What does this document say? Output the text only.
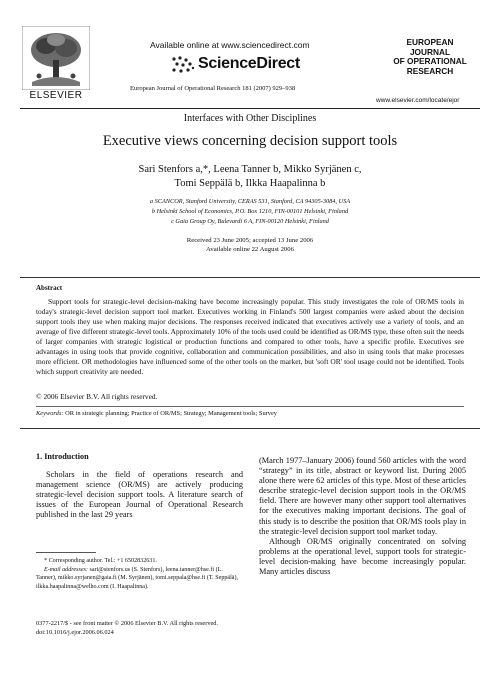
ELSEVIER
Available online at www.sciencedirect.com
ScienceDirect
European Journal of Operational Research 181 (2007) 929–938
EUROPEAN
JOURNAL
OF OPERATIONAL
RESEARCH
www.elsevier.com/locate/ejor
Interfaces with Other Disciplines
Executive views concerning decision support tools
Sari Stenfors a,*, Leena Tanner b, Mikko Syrjänen c,
Tomi Seppälä b, Ilkka Haapalinna b
a SCANCOR, Stanford University, CERAS 531, Stanford, CA 94305-3084, USA
b Helsinki School of Economics, P.O. Box 1210, FIN-00101 Helsinki, Finland
c Gaia Group Oy, Bulevardi 6 A, FIN-00120 Helsinki, Finland
Received 23 June 2005; accepted 13 June 2006
Available online 22 August 2006
Abstract
Support tools for strategic-level decision-making have become increasingly popular. This study investigates the role of OR/MS tools in today's strategic-level decision support tool market. Executives working in Finland's 500 largest companies were asked about the decision support tools they use when making major decisions. The responses received indicated that executives actively use a variety of tools, and an average of five different strategic-level tools. Approximately 10% of the tools used could be identified as OR/MS type, these often suit the needs of larger companies with strategic logistical or production functions and compared to other tools, have a specific profile. Executives see advantages in using tools that provide cognitive, collaboration and communication possibilities, and also in using tools that make processes more efficient. OR methodologies have influenced some of the other tools on the market, but 'soft OR' tool usage could not be identified. Tools which support creativity are needed.
© 2006 Elsevier B.V. All rights reserved.
Keywords: OR in strategic planning; Practice of OR/MS; Strategy; Management tools; Survey
1. Introduction
Scholars in the field of operations research and management science (OR/MS) are actively producing strategic-level decision support tools. A literature search of issues of the European Journal of Operational Research published in the last 29 years

(March 1977–January 2006) found 560 articles with the word “strategy” in its title, abstract or keyword list. During 2005 alone there were 62 articles of this type. Most of these articles describe strategic-level decision support tools in the OR/MS field. There are however many other support tool alternatives for the executives making important decisions. The goal of this study is to describe the position that OR/MS tools play in the strategic-level decision support tool market today.

Although OR/MS originally concentrated on solving problems at the operational level, support tools for strategic-level decision-making have become increasingly popular. Many articles discuss

* Corresponding author. Tel.: +1 6502832631.

E-mail addresses: sari@stenfors.us (S. Stenfors), leena.tanner@hse.fi (L. Tanner), mikko.syrjanen@gaia.fi (M. Syrjänen), tomi.seppala@hse.fi (T. Seppälä), ilkka.haapalinna@welho.com (I. Haapalinna).

0377-2217/$ - see front matter © 2006 Elsevier B.V. All rights reserved.
doi:10.1016/j.ejor.2006.06.024
